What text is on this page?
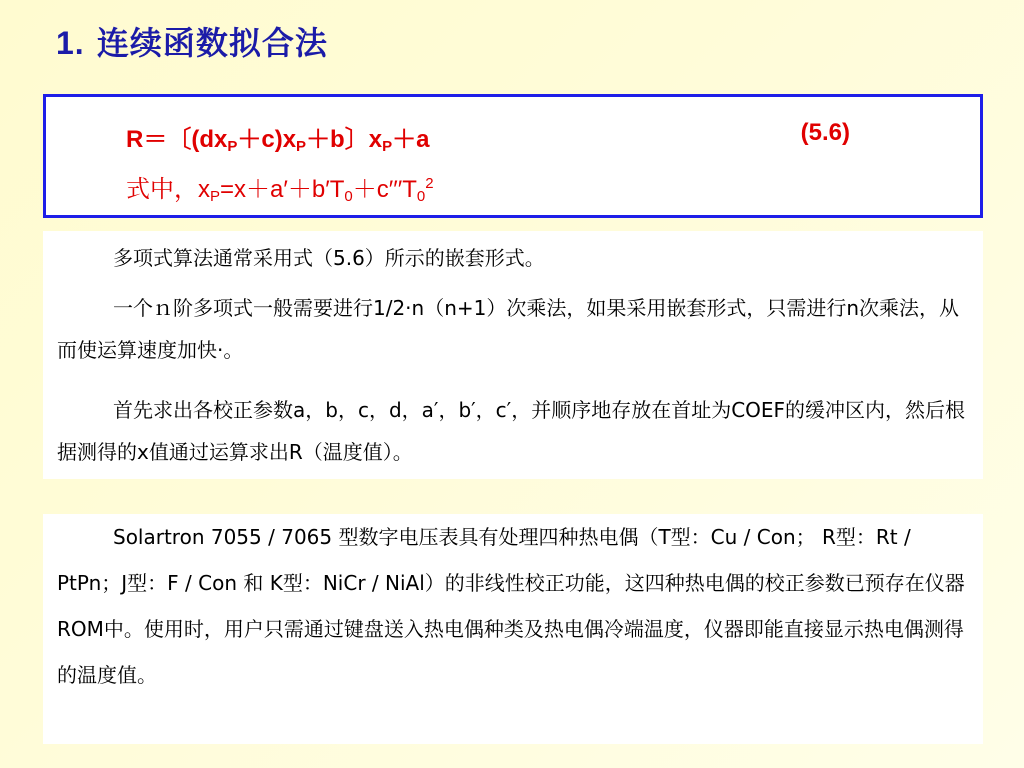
1. 连续函数拟合法
R＝〔$(dx_P+c)x_P+b$〕$x_P+a$	(5.6)
式中，$x_P=x+a'+b'T_0+c'''T_0^2$
多项式算法通常采用式（5.6）所示的嵌套形式。
一个ｎ阶多项式一般需要进行1/2·n（n+1）次乘法，如果采用嵌套形式，只需进行n次乘法，从而使运算速度加快·。
首先求出各校正参数a，b，c，d，a′，b′，c′，并顺序地存放在首址为COEF的缓冲区内，然后根据测得的x值通过运算求出R（温度值）。
Solartron 7055 / 7065 型数字电压表具有处理四种热电偶（T型：Cu / Con； R型：Rt / PtPn；J型：F / Con 和 K型：NiCr / NiAl）的非线性校正功能，这四种热电偶的校正参数已预存在仪器ROM中。使用时，用户只需通过键盘送入热电偶种类及热电偶冷端温度，仪器即能直接显示热电偶测得的温度值。
